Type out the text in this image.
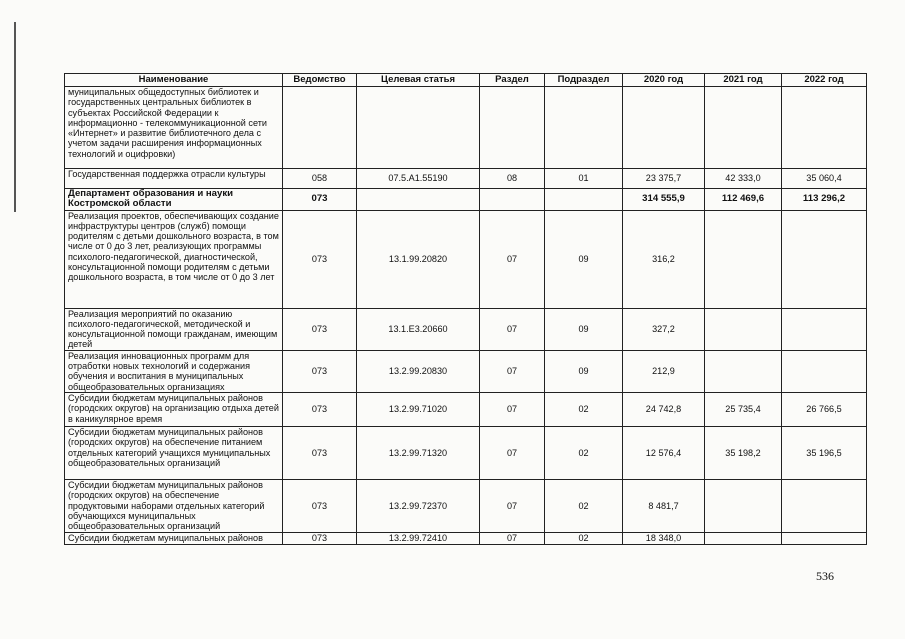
Наименование	Ведомство	Целевая статья	Раздел	Подраздел	2020 год	2021 год	2022 год
муниципальных общедоступных библиотек и государственных центральных библиотек в субъектах Российской Федерации к информационно - телекоммуникационной сети «Интернет» и развитие библиотечного дела с учетом задачи расширения информационных технологий и оцифровки)							
Государственная поддержка отрасли культуры	058	07.5.A1.55190	08	01	23 375,7	42 333,0	35 060,4
Департамент образования и науки Костромской области	073				314 555,9	112 469,6	113 296,2
Реализация проектов, обеспечивающих создание инфраструктуры центров (служб) помощи родителям с детьми дошкольного возраста, в том числе от 0 до 3 лет, реализующих программы психолого-педагогической, диагностической, консультационной помощи родителям с детьми дошкольного возраста, в том числе от 0 до 3 лет	073	13.1.99.20820	07	09	316,2		
Реализация мероприятий по оказанию психолого-педагогической, методической и консультационной помощи гражданам, имеющим детей	073	13.1.E3.20660	07	09	327,2		
Реализация инновационных программ для отработки новых технологий и содержания обучения и воспитания в муниципальных общеобразовательных организациях	073	13.2.99.20830	07	09	212,9		
Субсидии бюджетам муниципальных районов (городских округов) на организацию отдыха детей в каникулярное время	073	13.2.99.71020	07	02	24 742,8	25 735,4	26 766,5
Субсидии бюджетам муниципальных районов (городских округов) на обеспечение питанием отдельных категорий учащихся муниципальных общеобразовательных организаций	073	13.2.99.71320	07	02	12 576,4	35 198,2	35 196,5
Субсидии бюджетам муниципальных районов (городских округов) на обеспечение продуктовыми наборами отдельных категорий обучающихся муниципальных общеобразовательных организаций	073	13.2.99.72370	07	02	8 481,7		
Субсидии бюджетам муниципальных районов	073	13.2.99.72410	07	02	18 348,0		
536
